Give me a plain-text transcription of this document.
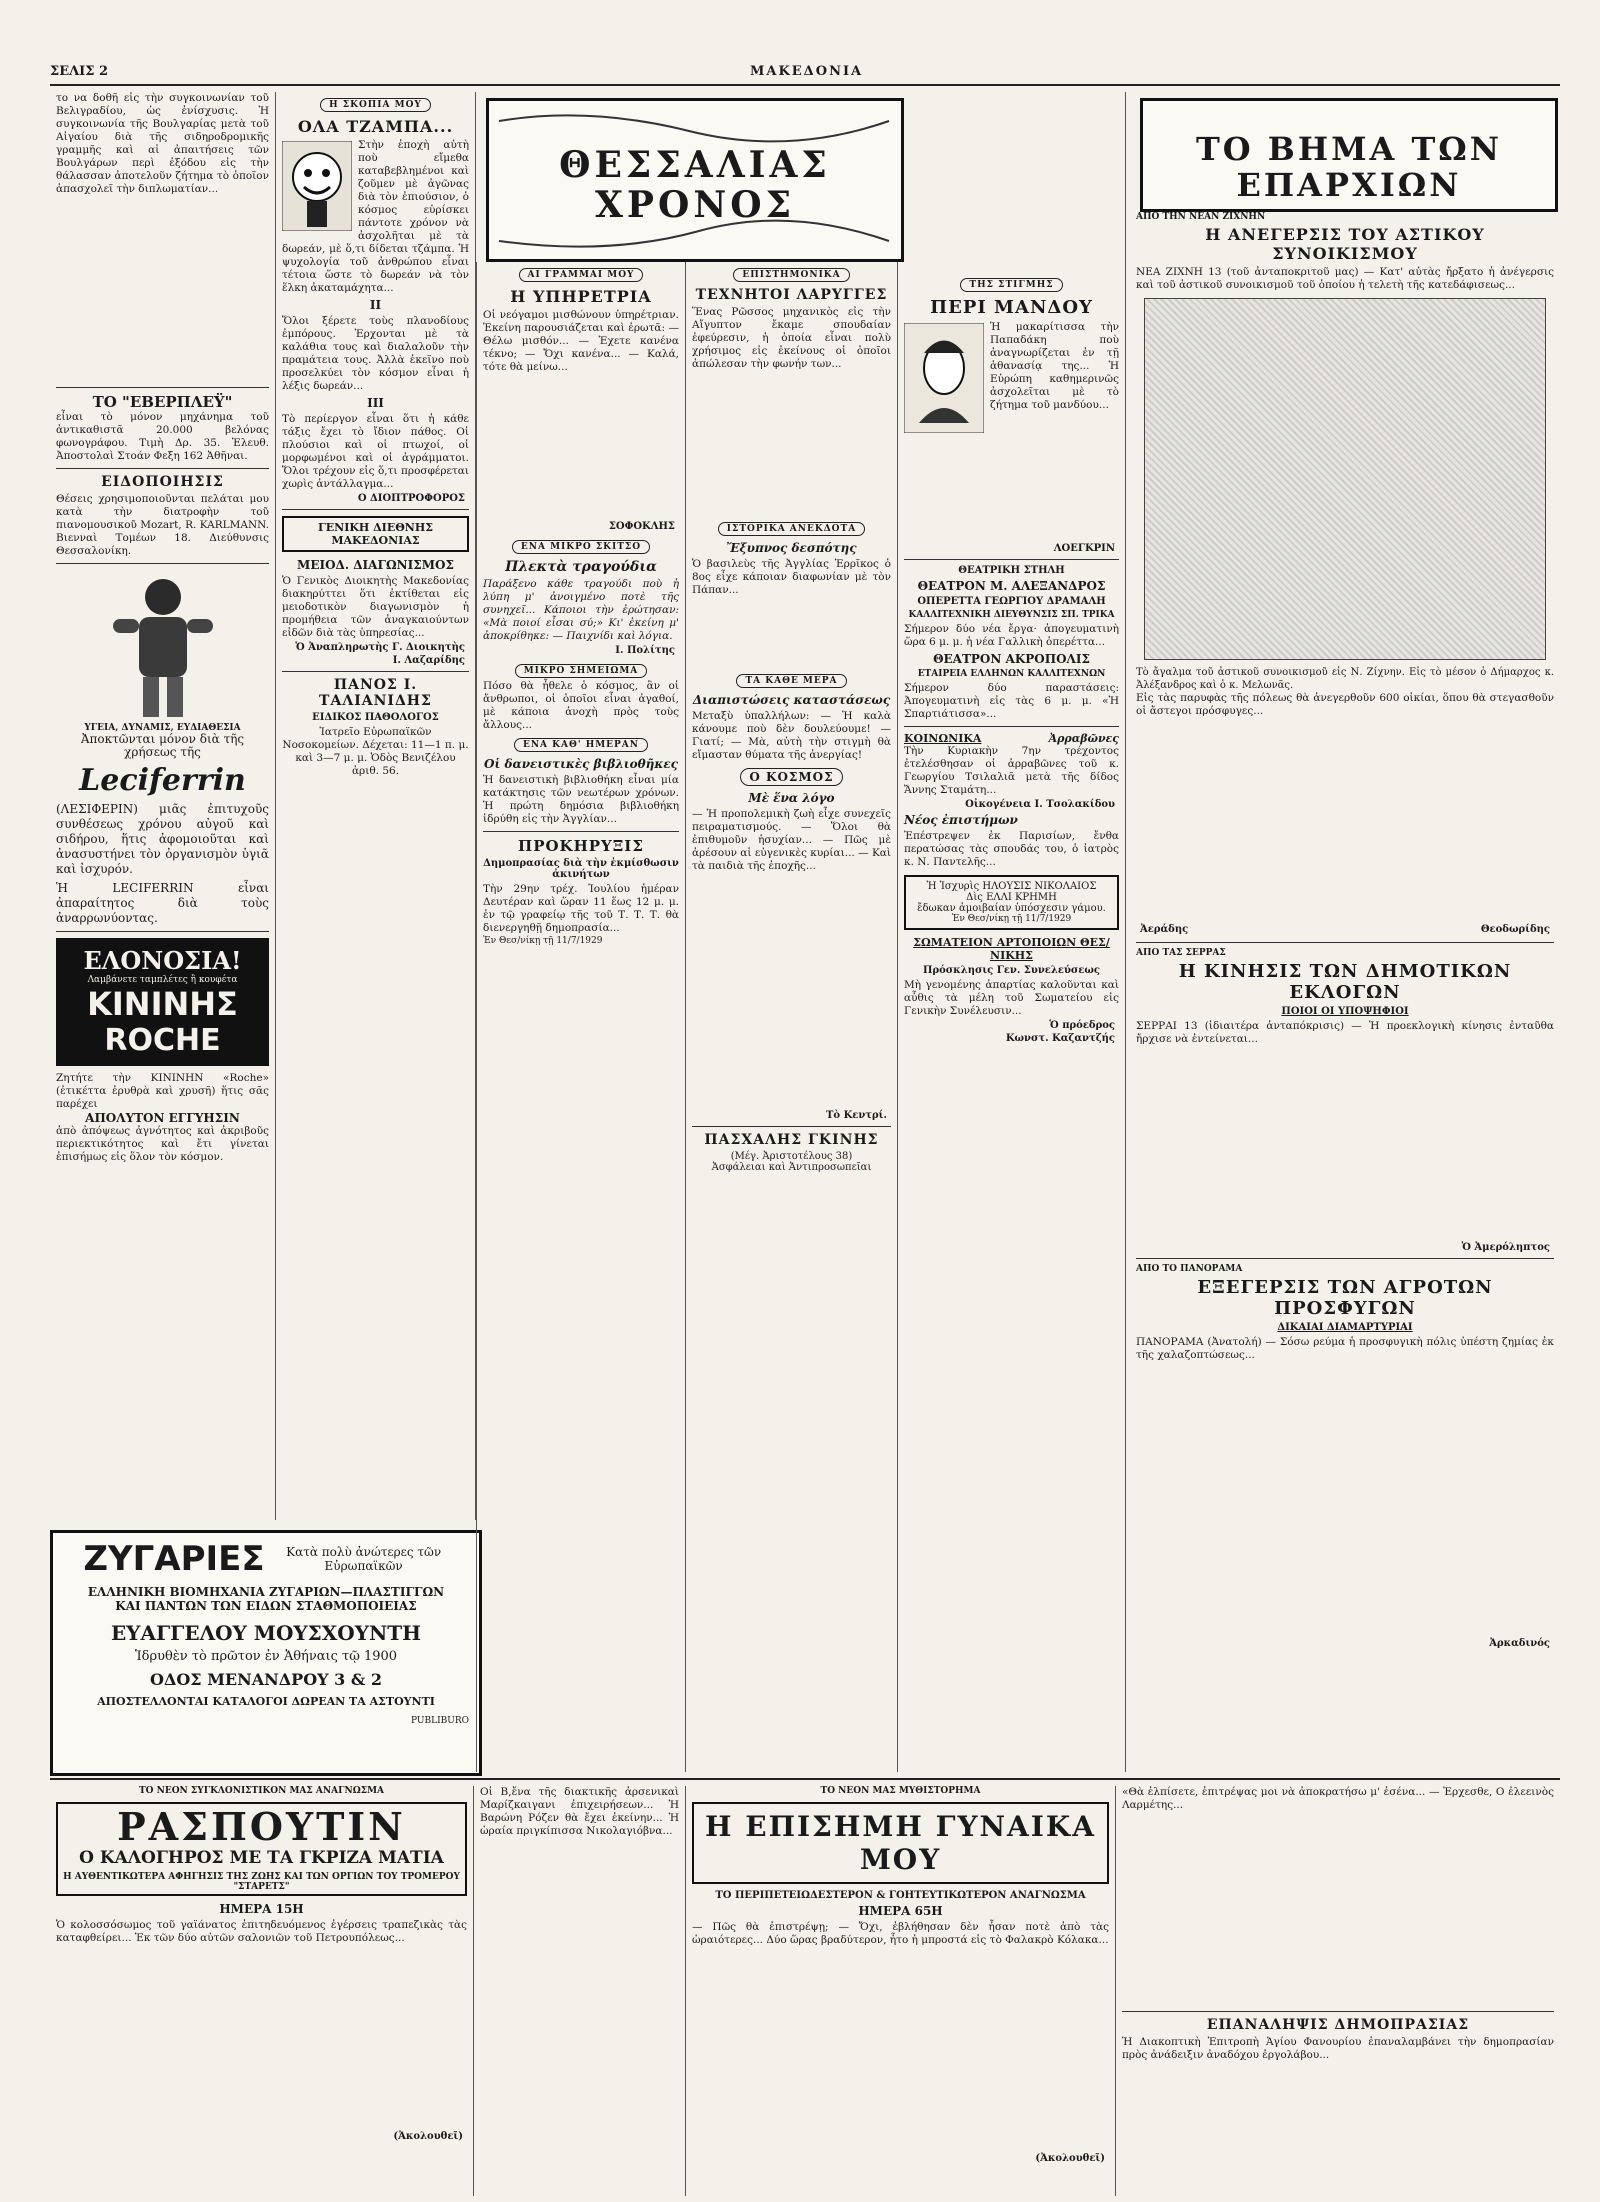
ΣΕΛΙΣ 2	ΜΑΚΕΔΟΝΙΑ
το να δοθῆ εἰς τὴν συγκοινωνίαν τοῦ Βελιγραδίου, ὡς ἐνίσχυσις. Ἡ συγκοινωνία τῆς Βουλγαρίας μετὰ τοῦ Αἰγαίου διὰ τῆς σιδηροδρομικῆς γραμμῆς καὶ αἱ ἀπαιτήσεις τῶν Βουλγάρων περὶ ἐξόδου εἰς τὴν θάλασσαν ἀποτελοῦν ζήτημα τὸ ὁποῖον ἀπασχολεῖ τὴν διπλωματίαν...
ΤΟ "ΕΒΕΡΠΛΕΫ"
εἶναι τὸ μόνον μηχάνημα τοῦ ἀντικαθιστᾶ 20.000 βελόνας φωνογράφου. Τιμὴ Δρ. 35. Ἐλευθ. Ἀποστολαὶ Στοάν Φεξη 162 Ἀθῆναι.
ΕΙΔΟΠΟΙΗΣΙΣ
Θέσεις χρησιμοποιοῦνται πελάται μου κατὰ τὴν διατροφὴν τοῦ πιανομουσικοῦ Mozart, R. KARLMANN. Βιενναὶ Τομέων 18. Διεύθυνσις Θεσσαλονίκη.
ΥΓΕΙΑ, ΔΥΝΑΜΙΣ, ΕΥΔΙΑΘΕΣΙΑ
Ἀποκτῶνται μόνον διὰ τῆς χρήσεως τῆς
Leciferrin
(ΛΕΣΙΦΕΡΙΝ) μιᾶς ἐπιτυχοῦς συνθέσεως χρόνου αὐγοῦ καὶ σιδήρου, ἥτις ἀφομοιοῦται καὶ ἀνασυστήνει τὸν ὀργανισμὸν ὑγιᾶ καὶ ἰσχυρόν.
Ἡ LECIFERRIN εἶναι ἀπαραίτητος διὰ τοὺς ἀναρρωνύοντας.
ΕΛΟΝΟΣΙΑ!
Λαμβάνετε ταμπλέτες ἢ κουφέτα
ΚΙΝΙΝΗΣ
ROCHE
Ζητήτε τὴν ΚΙΝΙΝΗΝ «Roche» (ἐτικέττα ἐρυθρὰ καὶ χρυσῆ) ἥτις σᾶς παρέχει
ΑΠΟΛΥΤΟΝ ΕΓΓΥΗΣΙΝ
ἀπὸ ἀπόψεως ἀγνότητος καὶ ἀκριβοῦς περιεκτικότητος καὶ ἔτι γίνεται ἐπισήμως εἰς ὅλον τὸν κόσμον.
Η ΣΚΟΠΙΑ ΜΟΥ
ΟΛΑ ΤΖΑΜΠΑ...
Στὴν ἐποχὴ αὐτὴ ποὺ εἴμεθα καταβεβλημένοι καὶ ζοῦμεν μὲ ἀγῶνας διὰ τὸν ἐπιούσιον, ὁ κόσμος εὑρίσκει πάντοτε χρόνον νὰ ἀσχολῆται μὲ τὰ δωρεάν, μὲ ὅ,τι δίδεται τζάμπα. Ἡ ψυχολογία τοῦ ἀνθρώπου εἶναι τέτοια ὥστε τὸ δωρεάν νὰ τὸν ἕλκη ἀκαταμάχητα...
II
Ὅλοι ξέρετε τοὺς πλανοδίους ἐμπόρους. Ἐρχονται μὲ τὰ καλάθια τους καὶ διαλαλοῦν τὴν πραμάτεια τους. Ἀλλὰ ἐκεῖνο ποὺ προσελκύει τὸν κόσμον εἶναι ἡ λέξις δωρεάν...
III
Τὸ περίεργον εἶναι ὅτι ἡ κάθε τάξις ἔχει τὸ ἴδιον πάθος. Οἱ πλούσιοι καὶ οἱ πτωχοί, οἱ μορφωμένοι καὶ οἱ ἀγράμματοι. Ὅλοι τρέχουν εἰς ὅ,τι προσφέρεται χωρὶς ἀντάλλαγμα...
Ο ΔΙΟΠΤΡΟΦΟΡΟΣ
ΓΕΝΙΚΗ ΔΙΕΘΝΗΣ ΜΑΚΕΔΟΝΙΑΣ
ΜΕΙΟΔ. ΔΙΑΓΩΝΙΣΜΟΣ
Ὁ Γενικὸς Διοικητὴς Μακεδονίας διακηρύττει ὅτι ἐκτίθεται εἰς μειοδοτικὸν διαγωνισμὸν ἡ προμήθεια τῶν ἀναγκαιούντων εἰδῶν διὰ τὰς ὑπηρεσίας...
Ὁ Ἀναπληρωτὴς Γ. Διοικητὴς
Ι. Λαζαρίδης
ΠΑΝΟΣ Ι. ΤΑΛΙΑΝΙΔΗΣ
ΕΙΔΙΚΟΣ ΠΑΘΟΛΟΓΟΣ
Ἰατρεῖο Εὐρωπαϊκῶν Νοσοκομείων. Δέχεται: 11—1 π. μ. καὶ 3—7 μ. μ. Ὁδὸς Βενιζέλου ἀριθ. 56.
ΖΥΓΑΡΙΕΣ	Κατὰ πολὺ ἀνώτερες τῶν Εὐρωπαϊκῶν
ΕΛΛΗΝΙΚΗ ΒΙΟΜΗΧΑΝΙΑ ΖΥΓΑΡΙΩΝ—ΠΛΑΣΤΙΓΓΩΝ
ΚΑΙ ΠΑΝΤΩΝ ΤΩΝ ΕΙΔΩΝ ΣΤΑΘΜΟΠΟΙΕΙΑΣ
ΕΥΑΓΓΕΛΟΥ ΜΟΥΣΧΟΥΝΤΗ
Ἱδρυθὲν τὸ πρῶτον ἐν Ἀθήναις τῷ 1900
ΟΔΟΣ ΜΕΝΑΝΔΡΟΥ 3 & 2
ΑΠΟΣΤΕΛΛΟΝΤΑΙ ΚΑΤΑΛΟΓΟΙ ΔΩΡΕΑΝ ΤΑ ΑΣΤΟΥΝΤΙ
PUBLIBURO
ΘΕΣΣΑΛΙΑΣ ΧΡΟΝΟΣ
ΑΙ ΓΡΑΜΜΑΙ ΜΟΥ
Η ΥΠΗΡΕΤΡΙΑ
Οἱ νεόγαμοι μισθώνουν ὑπηρέτριαν. Ἐκείνη παρουσιάζεται καὶ ἐρωτᾶ: — Θέλω μισθόν... — Ἐχετε κανένα τέκνο; — Ὄχι κανένα... — Καλά, τότε θὰ μείνω...
ΣΟΦΟΚΛΗΣ
ΕΝΑ ΜΙΚΡΟ ΣΚΙΤΣΟ
Πλεκτὰ τραγούδια
Παράξενο κάθε τραγούδι ποὺ ἡ λύπη μ' ἀνοιγμένο ποτὲ τῆς συνηχεῖ... Κάποιοι τὴν ἐρώτησαν: «Μὰ ποιοί εἶσαι σύ;» Κι' ἐκείνη μ' ἀποκρίθηκε: — Παιχνίδι καὶ λόγια.
Ι. Πολίτης
ΜΙΚΡΟ ΣΗΜΕΙΩΜΑ
Πόσο θὰ ἦθελε ὁ κόσμος, ἂν οἱ ἄνθρωποι, οἱ ὁποῖοι εἶναι ἀγαθοί, μὲ κάποια ἀνοχὴ πρὸς τοὺς ἄλλους...
ΕΝΑ ΚΑΘ' ΗΜΕΡΑΝ
Οἱ δανειστικὲς βιβλιοθῆκες
Ἡ δανειστικὴ βιβλιοθήκη εἶναι μία κατάκτησις τῶν νεωτέρων χρόνων. Ἡ πρώτη δημόσια βιβλιοθήκη ἱδρύθη εἰς τὴν Ἀγγλίαν...
ΠΡΟΚΗΡΥΞΙΣ
Δημοπρασίας διὰ τὴν ἐκμίσθωσιν ἀκινήτων
Τὴν 29ην τρέχ. Ἰουλίου ἡμέραν Δευτέραν καὶ ὥραν 11 ἕως 12 μ. μ. ἐν τῷ γραφείῳ τῆς τοῦ Τ. Τ. Τ. θὰ διενεργηθῇ δημοπρασία...
Ἐν Θεσ/νίκῃ τῇ 11/7/1929
ΕΠΙΣΤΗΜΟΝΙΚΑ
ΤΕΧΝΗΤΟΙ ΛΑΡΥΓΓΕΣ
Ἕνας Ρῶσσος μηχανικὸς εἰς τὴν Αἴγυπτον ἔκαμε σπουδαίαν ἐφεύρεσιν, ἡ ὁποία εἶναι πολὺ χρήσιμος εἰς ἐκείνους οἱ ὁποῖοι ἀπώλεσαν τὴν φωνήν των...
ΙΣΤΟΡΙΚΑ ΑΝΕΚΔΟΤΑ
Ἔξυπνος δεσπότης
Ὁ βασιλεὺς τῆς Ἀγγλίας Ἐρρῖκος ὁ 8ος εἶχε κάποιαν διαφωνίαν μὲ τὸν Πάπαν...
ΤΑ ΚΑΘΕ ΜΕΡΑ
Διαπιστώσεις καταστάσεως
Μεταξὺ ὑπαλλήλων: — Ἡ καλὰ κάνουμε ποὺ δὲν δουλεύουμε! — Γιατί; — Μὰ, αὐτὴ τὴν στιγμὴ θὰ εἴμασταν θύματα τῆς ἀνεργίας!
Ο ΚΟΣΜΟΣ
Μὲ ἕνα λόγο
— Ἡ προπολεμικὴ ζωὴ εἶχε συνεχεῖς πειραματισμούς. — Ὅλοι θὰ ἐπιθυμοῦν ἡσυχίαν... — Πῶς μὲ ἀρέσουν αἱ εὐγενικὲς κυρίαι... — Καὶ τὰ παιδιὰ τῆς ἐποχῆς...
Τὸ Κεντρί.
ΠΑΣΧΑΛΗΣ ΓΚΙΝΗΣ
(Μέγ. Ἀριστοτέλους 38)
Ἀσφάλειαι καὶ Ἀντιπροσωπεῖαι
ΤΗΣ ΣΤΙΓΜΗΣ
ΠΕΡΙ ΜΑΝΔΟΥ
Ἡ μακαρίτισσα τὴν Παπαδάκη ποὺ ἀναγνωρίζεται ἐν τῇ ἀθανασίᾳ της... Ἡ Εὐρώπη καθημερινῶς ἀσχολεῖται μὲ τὸ ζήτημα τοῦ μανδύου...
ΛΟΕΓΚΡΙΝ
ΘΕΑΤΡΙΚΗ ΣΤΗΛΗ
ΘΕΑΤΡΟΝ Μ. ΑΛΕΞΑΝΔΡΟΣ
ΟΠΕΡΕΤΤΑ ΓΕΩΡΓΙΟΥ ΔΡΑΜΑΛΗ
ΚΑΛΛΙΤΕΧΝΙΚΗ ΔΙΕΥΘΥΝΣΙΣ ΣΠ. ΤΡΙΚΑ
Σήμερον δύο νέα ἔργα· ἀπογευματινὴ ὥρα 6 μ. μ. ἡ νέα Γαλλικὴ ὀπερέττα...
ΘΕΑΤΡΟΝ ΑΚΡΟΠΟΛΙΣ
ΕΤΑΙΡΕΙΑ ΕΛΛΗΝΩΝ ΚΑΛΛΙΤΕΧΝΩΝ
Σήμερον δύο παραστάσεις: Ἀπογευματινὴ εἰς τὰς 6 μ. μ. «Ἡ Σπαρτιάτισσα»...
ΚΟΙΝΩΝΙΚΑ	Ἀρραβῶνες
Τὴν Κυριακὴν 7ην τρέχοντος ἐτελέσθησαν οἱ ἀρραβῶνες τοῦ κ. Γεωργίου Τσιλαλιᾶ μετὰ τῆς δίδος Ἄννης Σταμάτη...
Οἰκογένεια Ι. Τσολακίδου
Νέος ἐπιστήμων
Ἐπέστρεψεν ἐκ Παρισίων, ἔνθα περατώσας τὰς σπουδάς του, ὁ ἰατρὸς κ. Ν. Παντελῆς...
Ἡ Ἱσχυρὶς ΗΛΟΥΣΙΣ ΝΙΚΟΛΑΙΟΣ
Δὶς ΕΛΛΙ ΚΡΗΜΗ
ἔδωκαν ἀμοιβαίαν ὑπόσχεσιν γάμου.
Ἐν Θεσ/νίκῃ τῇ 11/7/1929
ΣΩΜΑΤΕΙΟΝ ΑΡΤΟΠΟΙΩΝ ΘΕΣ/ΝΙΚΗΣ
Πρόσκλησις Γεν. Συνελεύσεως
Μὴ γενομένης ἀπαρτίας καλοῦνται καὶ αὖθις τὰ μέλη τοῦ Σωματείου εἰς Γενικὴν Συνέλευσιν...
Ὁ πρόεδρος
Κωνστ. Καζαντζής
ΤΟ ΒΗΜΑ ΤΩΝ ΕΠΑΡΧΙΩΝ
ΑΠΟ ΤΗΝ ΝΕΑΝ ΖΙΧΝΗΝ
Η ΑΝΕΓΕΡΣΙΣ ΤΟΥ ΑΣΤΙΚΟΥ ΣΥΝΟΙΚΙΣΜΟΥ
ΝΕΑ ΖΙΧΝΗ 13 (τοῦ ἀνταποκριτοῦ μας) — Κατ' αὐτὰς ἤρξατο ἡ ἀνέγερσις καὶ τοῦ ἀστικοῦ συνοικισμοῦ τοῦ ὁποίου ἡ τελετὴ τῆς κατεδάφισεως...
Τὸ ἄγαλμα τοῦ ἀστικοῦ συνοικισμοῦ εἰς Ν. Ζίχνην. Εἰς τὸ μέσον ὁ Δήμαρχος κ. Ἀλέξανδρος καὶ ὁ κ. Μελωνᾶς.
Εἰς τὰς παρυφὰς τῆς πόλεως θὰ ἀνεγερθοῦν 600 οἰκίαι, ὅπου θὰ στεγασθοῦν οἱ ἄστεγοι πρόσφυγες...
Ἀεράδης	Θεοδωρίδης
ΑΠΟ ΤΑΣ ΣΕΡΡΑΣ
Η ΚΙΝΗΣΙΣ ΤΩΝ ΔΗΜΟΤΙΚΩΝ ΕΚΛΟΓΩΝ
ΠΟΙΟΙ ΟΙ ΥΠΟΨΗΦΙΟΙ
ΣΕΡΡΑΙ 13 (ἰδιαιτέρα ἀνταπόκρισις) — Ἡ προεκλογικὴ κίνησις ἐνταῦθα ἤρχισε νὰ ἐντείνεται...
Ὁ Ἀμερόληπτος
ΑΠΟ ΤΟ ΠΑΝΟΡΑΜΑ
ΕΞΕΓΕΡΣΙΣ ΤΩΝ ΑΓΡΟΤΩΝ ΠΡΟΣΦΥΓΩΝ
ΔΙΚΑΙΑΙ ΔΙΑΜΑΡΤΥΡΙΑΙ
ΠΑΝΟΡΑΜΑ (Ἀνατολή) — Σόσω ρεύμα ἡ προσφυγικὴ πόλις ὑπέστη ζημίας ἐκ τῆς χαλαζοπτώσεως...
Ἀρκαδινός
ΤΟ ΝΕΟΝ ΣΥΓΚΛΟΝΙΣΤΙΚΟΝ ΜΑΣ ΑΝΑΓΝΩΣΜΑ
ΡΑΣΠΟΥΤΙΝ
Ο ΚΑΛΟΓΗΡΟΣ ΜΕ ΤΑ ΓΚΡΙΖΑ ΜΑΤΙΑ
Η ΑΥΘΕΝΤΙΚΩΤΕΡΑ ΑΦΗΓΗΣΙΣ ΤΗΣ ΖΩΗΣ ΚΑΙ ΤΩΝ ΟΡΓΙΩΝ ΤΟΥ ΤΡΟΜΕΡΟΥ "ΣΤΑΡΕΤΣ"
ΗΜΕΡΑ 15Η
Ὁ κολοσσόσωμος τοῦ γαϊάνατος ἐπιτηδευόμενος ἐγέρσεις τραπεζικὰς τὰς καταφθείρει... Ἐκ τῶν δύο αὐτῶν σαλονιῶν τοῦ Πετρουπόλεως...
(Ἀκολουθεῖ)
Οἱ Β,ἔνα τῆς διακτικῆς ἀρσενικαὶ Μαρίζκαιγανι ἐπιχειρήσεων... Ἡ Βαρώνη Ρόζεν θὰ ἔχει ἐκείνην... Ἡ ὡραία πριγκίπισσα Νικολαγιόβνα...
ΤΟ ΝΕΟΝ ΜΑΣ ΜΥΘΙΣΤΟΡΗΜΑ
Η ΕΠΙΣΗΜΗ ΓΥΝΑΙΚΑ ΜΟΥ
ΤΟ ΠΕΡΙΠΕΤΕΙΩΔΕΣΤΕΡΟΝ & ΓΟΗΤΕΥΤΙΚΩΤΕΡΟΝ ΑΝΑΓΝΩΣΜΑ
ΗΜΕΡΑ 65Η
— Πῶς θὰ ἐπιστρέψῃ; — Ὄχι, ἐβλήθησαν δὲν ἦσαν ποτὲ ἀπὸ τὰς ὡραιότερες... Δύο ὥρας βραδύτερον, ἦτο ἡ μπροστά εἰς τὸ Φαλακρὸ Κόλακα...
(Ἀκολουθεῖ)
«Θὰ ἐλπίσετε, ἐπιτρέψας μοι νὰ ἀποκρατήσω μ' ἐσένα... — Ἐρχεσθε, Ο ἐλεεινὸς Λαρμέτης...
ΕΠΑΝΑΛΗΨΙΣ ΔΗΜΟΠΡΑΣΙΑΣ
Ἡ Διακοπτικὴ Ἐπιτροπὴ Ἁγίου Φανουρίου ἐπαναλαμβάνει τὴν δημοπρασίαν πρὸς ἀνάδειξιν ἀναδόχου ἐργολάβου...
